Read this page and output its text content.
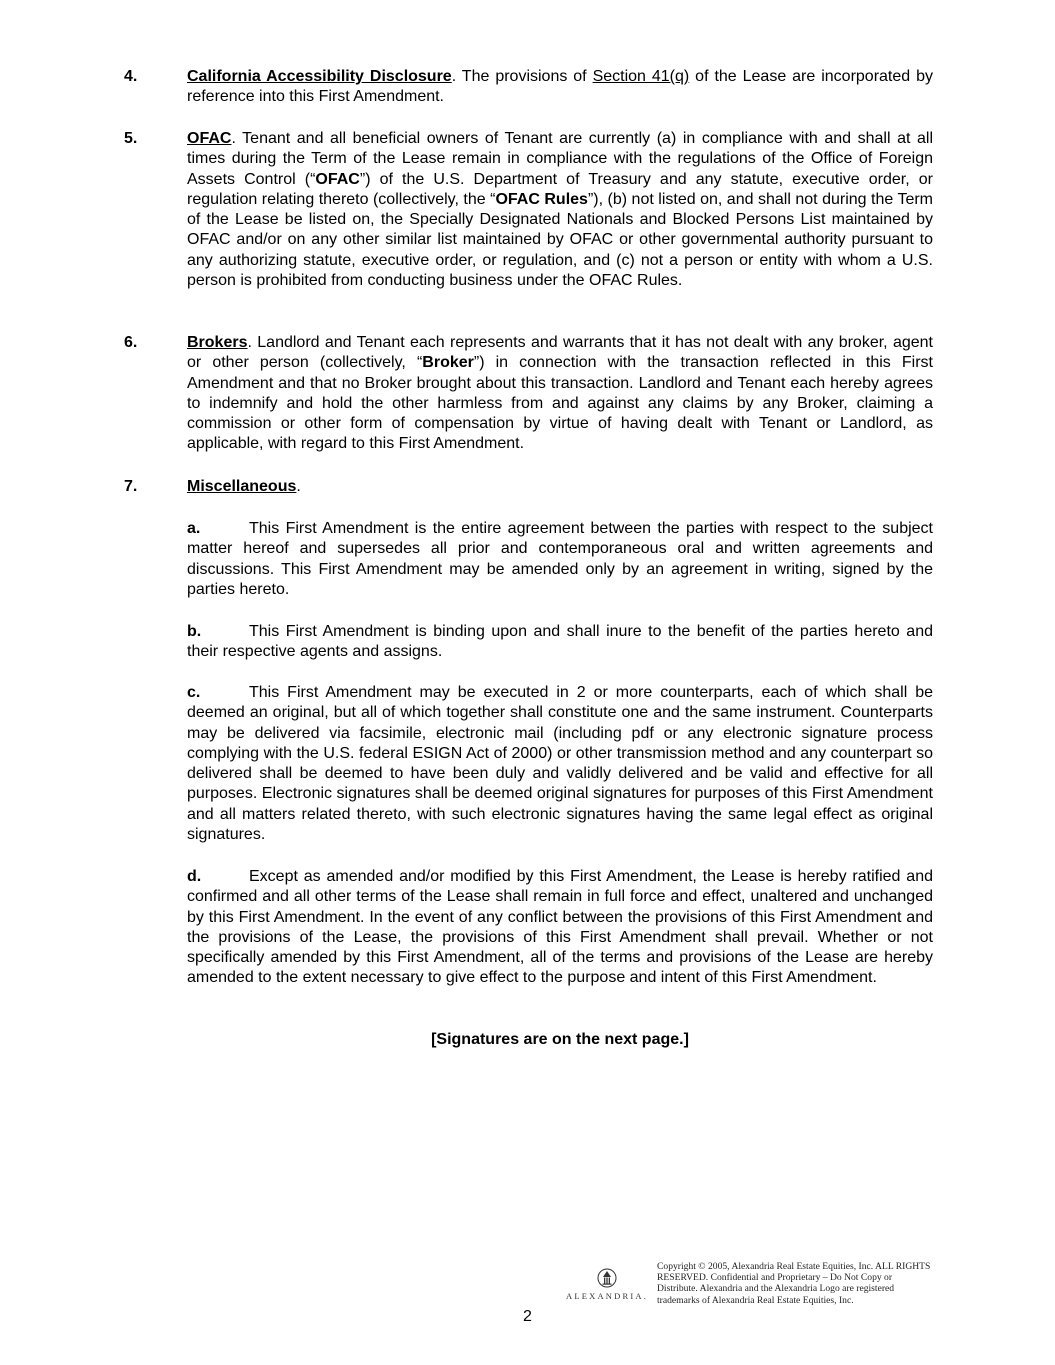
4.	California Accessibility Disclosure. The provisions of Section 41(q) of the Lease are incorporated by reference into this First Amendment.
5.	OFAC. Tenant and all beneficial owners of Tenant are currently (a) in compliance with and shall at all times during the Term of the Lease remain in compliance with the regulations of the Office of Foreign Assets Control (“OFAC”) of the U.S. Department of Treasury and any statute, executive order, or regulation relating thereto (collectively, the “OFAC Rules”), (b) not listed on, and shall not during the Term of the Lease be listed on, the Specially Designated Nationals and Blocked Persons List maintained by OFAC and/or on any other similar list maintained by OFAC or other governmental authority pursuant to any authorizing statute, executive order, or regulation, and (c) not a person or entity with whom a U.S. person is prohibited from conducting business under the OFAC Rules.
6.	Brokers. Landlord and Tenant each represents and warrants that it has not dealt with any broker, agent or other person (collectively, “Broker”) in connection with the transaction reflected in this First Amendment and that no Broker brought about this transaction. Landlord and Tenant each hereby agrees to indemnify and hold the other harmless from and against any claims by any Broker, claiming a commission or other form of compensation by virtue of having dealt with Tenant or Landlord, as applicable, with regard to this First Amendment.
7.	Miscellaneous.
a.	This First Amendment is the entire agreement between the parties with respect to the subject matter hereof and supersedes all prior and contemporaneous oral and written agreements and discussions. This First Amendment may be amended only by an agreement in writing, signed by the parties hereto.
b.	This First Amendment is binding upon and shall inure to the benefit of the parties hereto and their respective agents and assigns.
c.	This First Amendment may be executed in 2 or more counterparts, each of which shall be deemed an original, but all of which together shall constitute one and the same instrument. Counterparts may be delivered via facsimile, electronic mail (including pdf or any electronic signature process complying with the U.S. federal ESIGN Act of 2000) or other transmission method and any counterpart so delivered shall be deemed to have been duly and validly delivered and be valid and effective for all purposes. Electronic signatures shall be deemed original signatures for purposes of this First Amendment and all matters related thereto, with such electronic signatures having the same legal effect as original signatures.
d.	Except as amended and/or modified by this First Amendment, the Lease is hereby ratified and confirmed and all other terms of the Lease shall remain in full force and effect, unaltered and unchanged by this First Amendment. In the event of any conflict between the provisions of this First Amendment and the provisions of the Lease, the provisions of this First Amendment shall prevail. Whether or not specifically amended by this First Amendment, all of the terms and provisions of the Lease are hereby amended to the extent necessary to give effect to the purpose and intent of this First Amendment.
[Signatures are on the next page.]
ALEXANDRIA.
Copyright © 2005, Alexandria Real Estate Equities, Inc. ALL RIGHTS RESERVED. Confidential and Proprietary – Do Not Copy or Distribute. Alexandria and the Alexandria Logo are registered trademarks of Alexandria Real Estate Equities, Inc.
2
